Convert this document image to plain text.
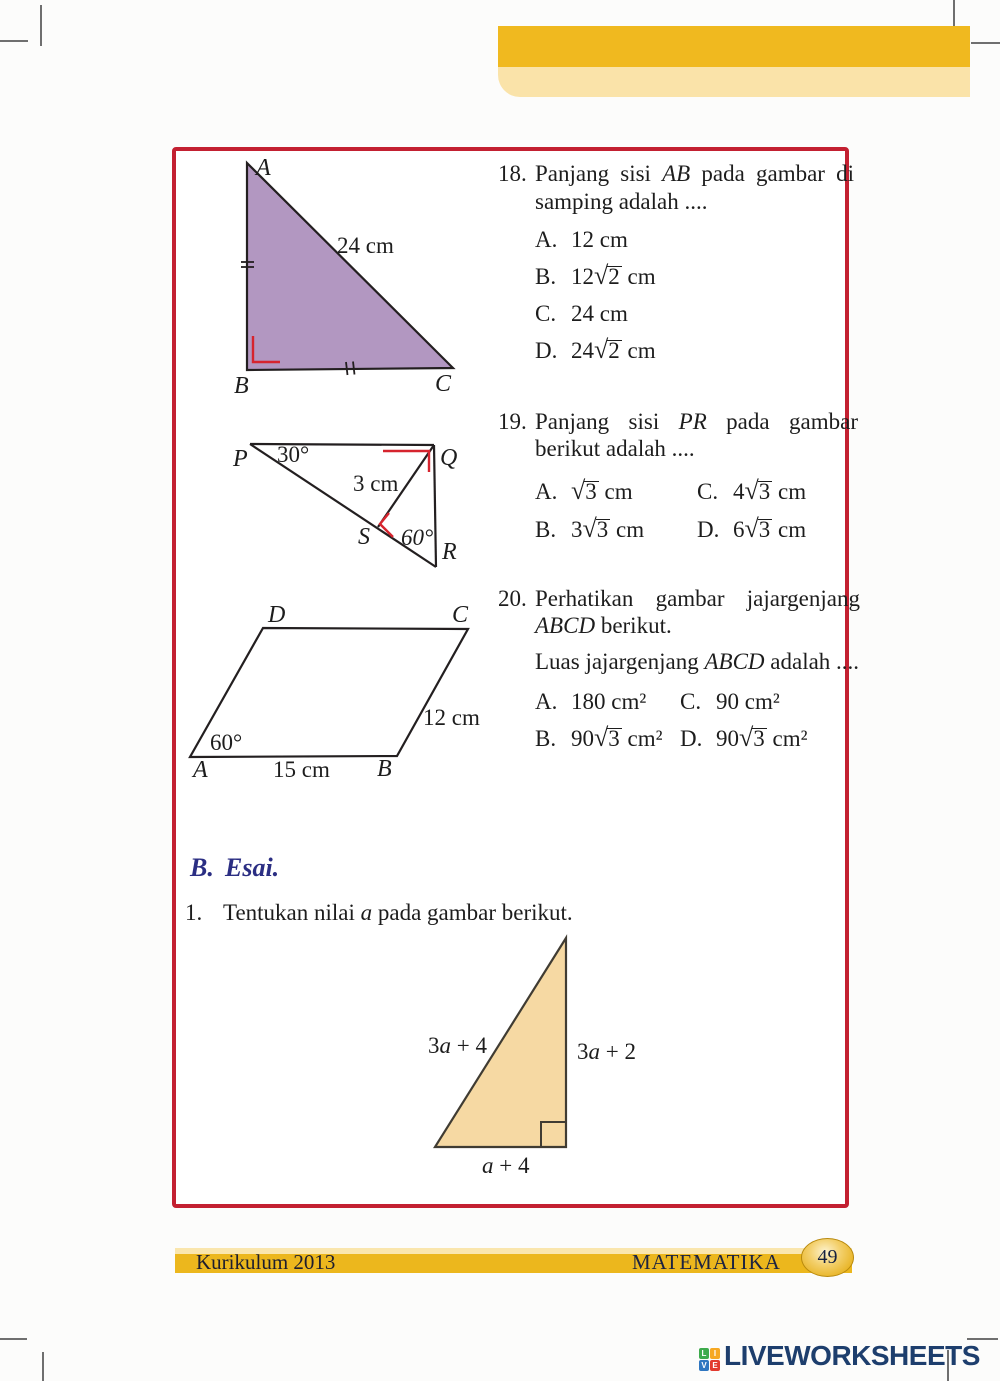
A
B	C
24 cm
18. Panjang sisi AB pada gambar di samping adalah ....
A. 12 cm
B. 12√2 cm
C. 24 cm
D. 24√2 cm
P 30°	Q
3 cm
S 60°
R
19. Panjang sisi PR pada gambar berikut adalah ....
A. √3 cm	C. 4√3 cm
B. 3√3 cm D. 6√3 cm
D	C
A	B
60°
15 cm
12 cm
20. Perhatikan gambar jajargenjang ABCD berikut.
Luas jajargenjang ABCD adalah ....
A. 180 cm² C. 90 cm²
B. 90√3 cm² D. 90√3 cm²
B. Esai.
1. Tentukan nilai a pada gambar berikut.
3a + 4	3a + 2
a + 4
Kurikulum 2013	MATEMATIKA 49
L I
V E LIVEWORKSHEETS
